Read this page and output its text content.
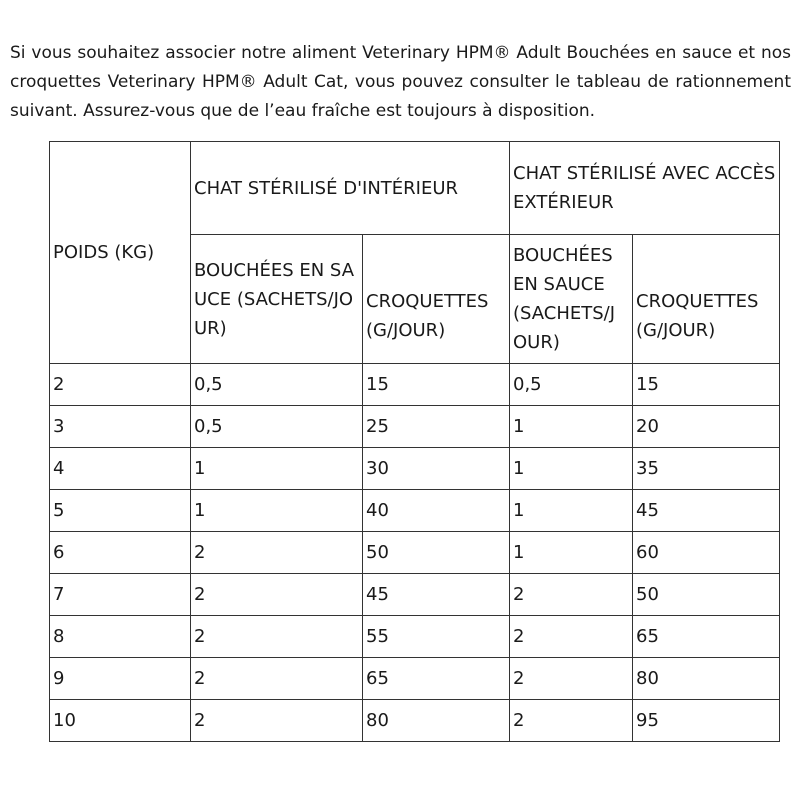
Si vous souhaitez associer notre aliment Veterinary HPM® Adult Bouchées en sauce et nos croquettes Veterinary HPM® Adult Cat, vous pouvez consulter le tableau de rationnement suivant. Assurez-vous que de l’eau fraîche est toujours à disposition.

POIDS (KG)	CHAT STÉRILISÉ D'INTÉRIEUR		CHAT STÉRILISÉ AVEC ACCÈS EXTÉRIEUR	
	BOUCHÉES EN SAUCE (SACHETS/JOUR)	CROQUETTES (G/JOUR)	BOUCHÉES EN SAUCE (SACHETS/JOUR)	CROQUETTES (G/JOUR)
2	0,5	15	0,5	15
3	0,5	25	1	20
4	1	30	1	35
5	1	40	1	45
6	2	50	1	60
7	2	45	2	50
8	2	55	2	65
9	2	65	2	80
10	2	80	2	95
